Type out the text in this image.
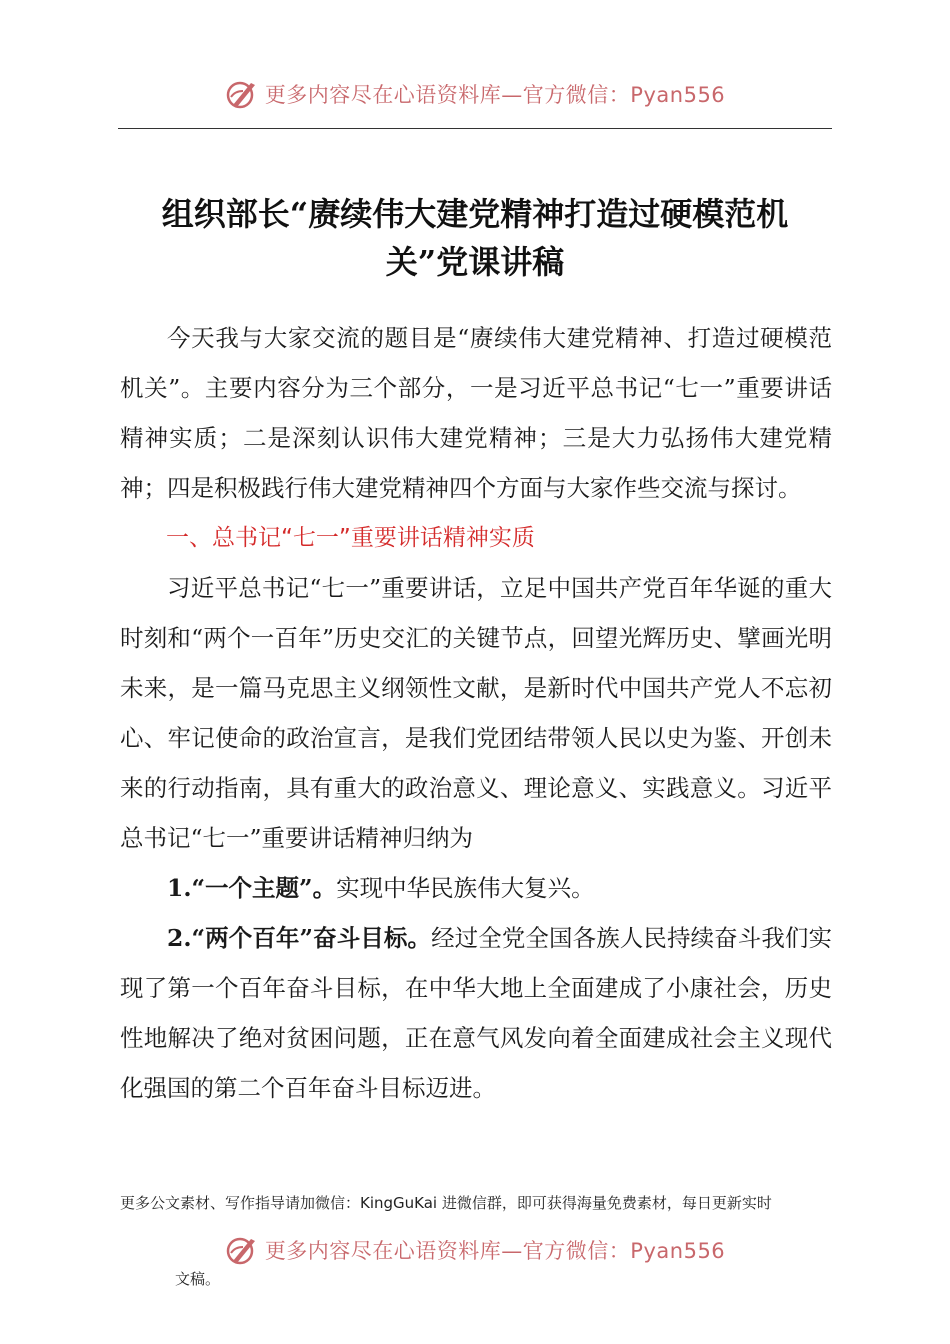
更多内容尽在心语资料库—官方微信：Pyan556
组织部长“赓续伟大建党精神打造过硬模范机
关”党课讲稿

今天我与大家交流的题目是“赓续伟大建党精神、打造过硬模范机关”。主要内容分为三个部分，一是习近平总书记“七一”重要讲话精神实质；二是深刻认识伟大建党精神；三是大力弘扬伟大建党精神；四是积极践行伟大建党精神四个方面与大家作些交流与探讨。

一、总书记“七一”重要讲话精神实质

习近平总书记“七一”重要讲话，立足中国共产党百年华诞的重大时刻和“两个一百年”历史交汇的关键节点，回望光辉历史、擘画光明未来，是一篇马克思主义纲领性文献，是新时代中国共产党人不忘初心、牢记使命的政治宣言，是我们党团结带领人民以史为鉴、开创未来的行动指南，具有重大的政治意义、理论意义、实践意义。习近平总书记“七一”重要讲话精神归纳为

1.“一个主题”。实现中华民族伟大复兴。

2.“两个百年”奋斗目标。经过全党全国各族人民持续奋斗我们实现了第一个百年奋斗目标，在中华大地上全面建成了小康社会，历史性地解决了绝对贫困问题，正在意气风发向着全面建成社会主义现代化强国的第二个百年奋斗目标迈进。

更多公文素材、写作指导请加微信：KingGuKai 进微信群，即可获得海量免费素材，每日更新实时
更多内容尽在心语资料库—官方微信：Pyan556
文稿。
